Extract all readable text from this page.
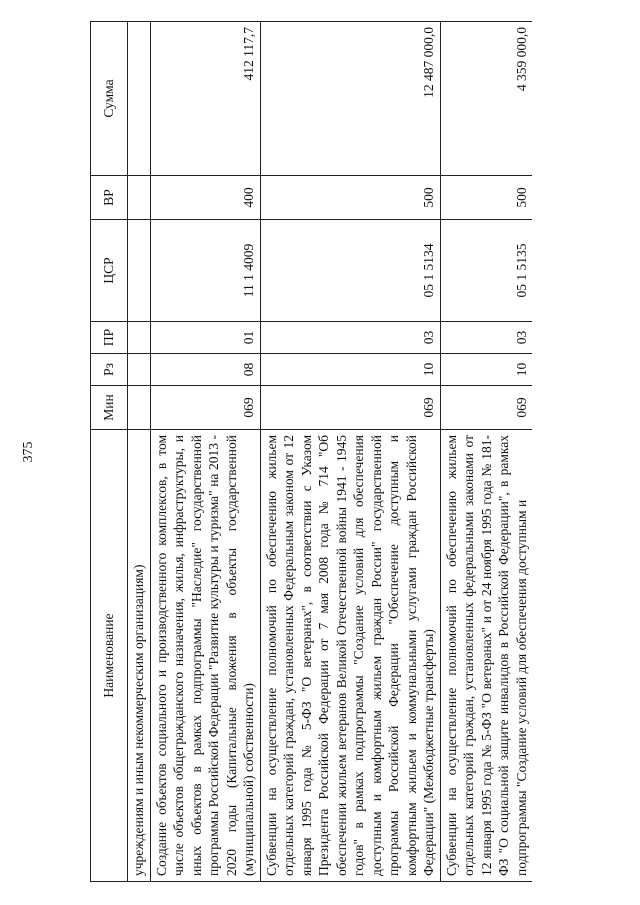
375
Наименование	Мин	Рз	ПР	ЦСР	ВР	Сумма
учреждениям и иным некоммерческим организациям)						
Создание объектов социального и производственного комплексов, в том числе объектов общегражданского назначения, жилья, инфраструктуры, и иных объектов в рамках подпрограммы "Наследие" государственной программы Российской Федерации "Развитие культуры и туризма" на 2013 - 2020 годы (Капитальные вложения в объекты государственной (муниципальной) собственности)	069	08	01	11 1 4009	400	412 117,7
Субвенции на осуществление полномочий по обеспечению жильем отдельных категорий граждан, установленных Федеральным законом от 12 января 1995 года № 5-ФЗ "О ветеранах", в соответствии с Указом Президента Российской Федерации от 7 мая 2008 года № 714 "Об обеспечении жильем ветеранов Великой Отечественной войны 1941 - 1945 годов" в рамках подпрограммы "Создание условий для обеспечения доступным и комфортным жильем граждан России" государственной программы Российской Федерации "Обеспечение доступным и комфортным жильем и коммунальными услугами граждан Российской Федерации" (Межбюджетные трансферты)	069	10	03	05 1 5134	500	12 487 000,0
Субвенции на осуществление полномочий по обеспечению жильем отдельных категорий граждан, установленных федеральными законами от 12 января 1995 года № 5-ФЗ "О ветеранах" и от 24 ноября 1995 года № 181-ФЗ "О социальной защите инвалидов в Российской Федерации", в рамках подпрограммы "Создание условий для обеспечения доступным и	069	10	03	05 1 5135	500	4 359 000,0
